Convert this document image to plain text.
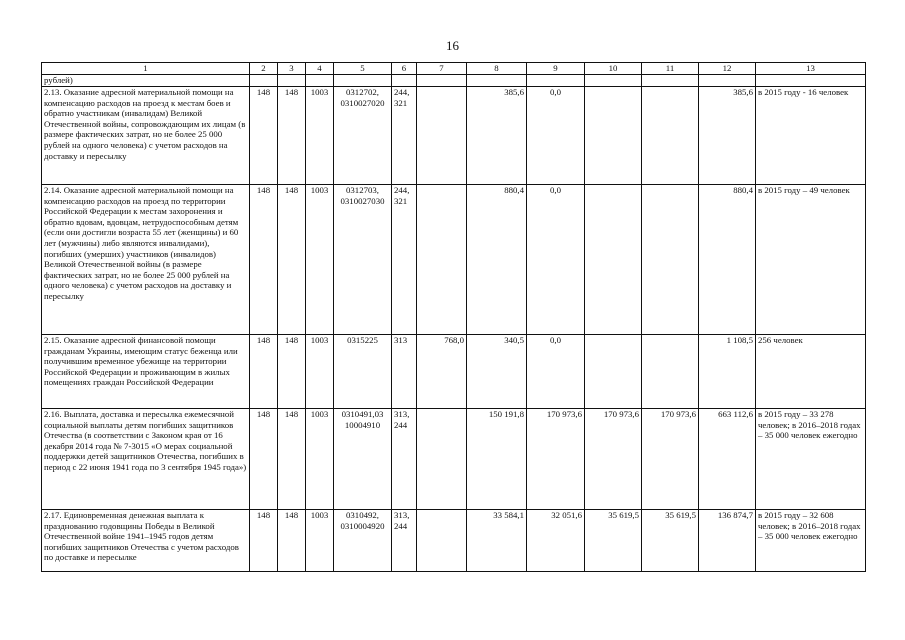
16
1	2	3	4	5	6	7	8	9	10	11	12	13
рублей)												
2.13. Оказание адресной материальной помощи на компенсацию расходов на проезд к местам боев и обратно участникам (инвалидам) Великой Отечественной войны, сопровождающим их лицам (в размере фактических затрат, но не более 25 000 рублей на одного человека) с учетом расходов на доставку и пересылку	148	148	1003	0312702, 0310027020	244, 321		385,6	0,0			385,6	в 2015 году - 16 человек
2.14. Оказание адресной материальной помощи на компенсацию расходов на проезд по территории Российской Федерации к местам захоронения и обратно вдовам, вдовцам, нетрудоспособным детям (если они достигли возраста 55 лет (женщины) и 60 лет (мужчины) либо являются инвалидами), погибших (умерших) участников (инвалидов) Великой Отечественной войны (в размере фактических затрат, но не более 25 000 рублей на одного человека) с учетом расходов на доставку и пересылку	148	148	1003	0312703, 0310027030	244, 321		880,4	0,0			880,4	в 2015 году – 49 человек
2.15. Оказание адресной финансовой помощи гражданам Украины, имеющим статус беженца или получившим временное убежище на территории Российской Федерации и проживающим в жилых помещениях граждан Российской Федерации	148	148	1003	0315225	313	768,0	340,5	0,0			1 108,5	256 человек
2.16. Выплата, доставка и пересылка ежемесячной социальной выплаты детям погибших защитников Отечества (в соответствии с Законом края от 16 декабря 2014 года № 7-3015 «О мерах социальной поддержки детей защитников Отечества, погибших в период с 22 июня 1941 года по 3 сентября 1945 года»)	148	148	1003	0310491,03 10004910	313, 244		150 191,8	170 973,6	170 973,6	170 973,6	663 112,6	в 2015 году – 33 278 человек; в 2016–2018 годах – 35 000 человек ежегодно
2.17. Единовременная денежная выплата к празднованию годовщины Победы в Великой Отечественной войне 1941–1945 годов детям погибших защитников Отечества с учетом расходов по доставке и пересылке	148	148	1003	0310492, 0310004920	313, 244		33 584,1	32 051,6	35 619,5	35 619,5	136 874,7	в 2015 году – 32 608 человек; в 2016–2018 годах – 35 000 человек ежегодно
